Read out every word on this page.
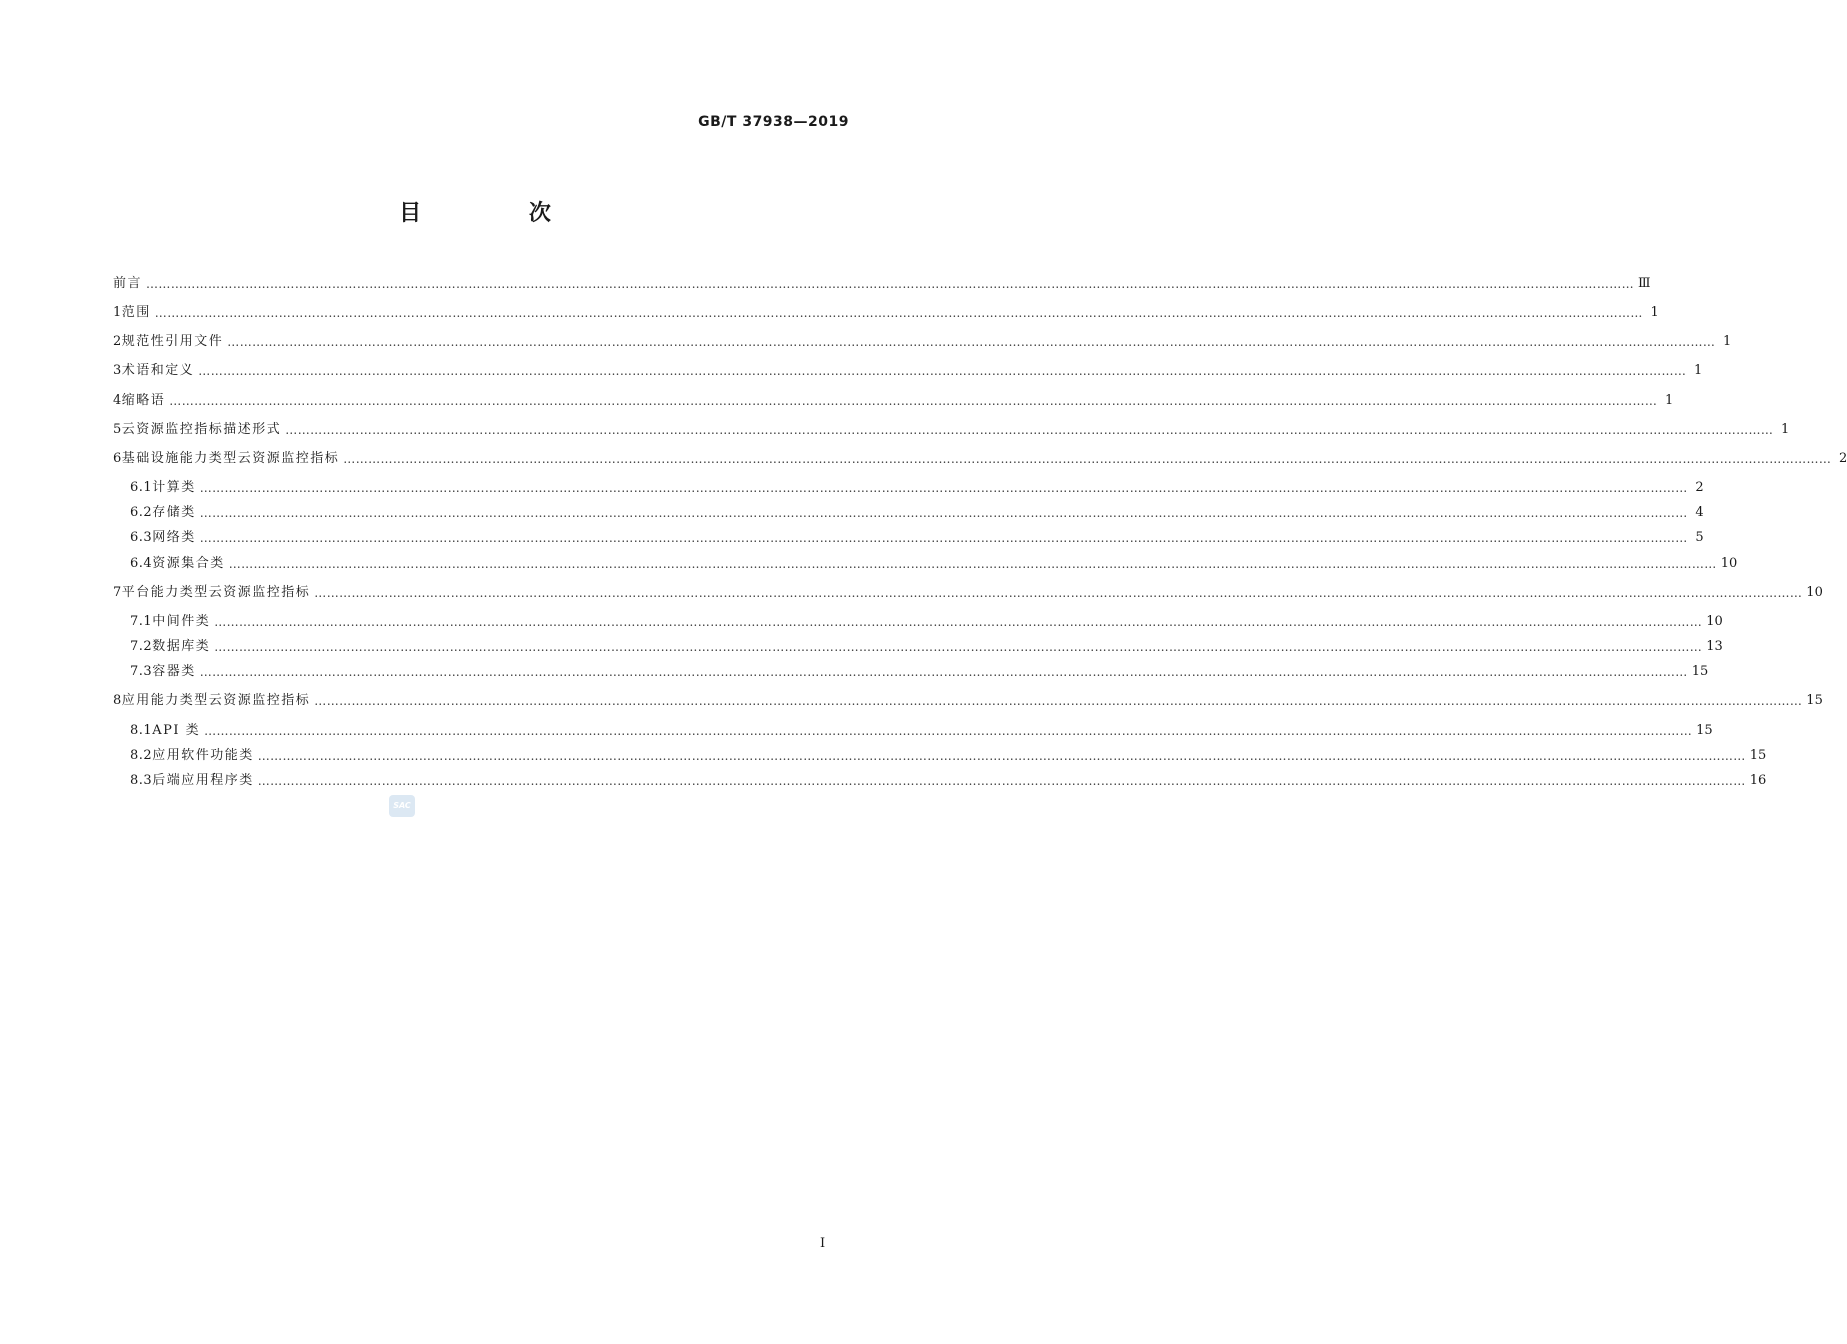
GB/T 37938—2019
目 次
前言 ……………………………………………………………………………………………………………………………………………………………………………………………………………………………………………………………………………………………………………………………… Ⅲ
1 范围 ……………………………………………………………………………………………………………………………………………………………………………………………………………………………………………………………………………………………………………………………… 1
2 规范性引用文件 ……………………………………………………………………………………………………………………………………………………………………………………………………………………………………………………………………………………………………………………………… 1
3 术语和定义 ……………………………………………………………………………………………………………………………………………………………………………………………………………………………………………………………………………………………………………………………… 1
4 缩略语 ……………………………………………………………………………………………………………………………………………………………………………………………………………………………………………………………………………………………………………………………… 1
5 云资源监控指标描述形式 ……………………………………………………………………………………………………………………………………………………………………………………………………………………………………………………………………………………………………………………………… 1
6 基础设施能力类型云资源监控指标 ……………………………………………………………………………………………………………………………………………………………………………………………………………………………………………………………………………………………………………………………… 2
6.1 计算类 ……………………………………………………………………………………………………………………………………………………………………………………………………………………………………………………………………………………………………………………………… 2
6.2 存储类 ……………………………………………………………………………………………………………………………………………………………………………………………………………………………………………………………………………………………………………………………… 4
6.3 网络类 ……………………………………………………………………………………………………………………………………………………………………………………………………………………………………………………………………………………………………………………………… 5
6.4 资源集合类 ……………………………………………………………………………………………………………………………………………………………………………………………………………………………………………………………………………………………………………………………… 10
7 平台能力类型云资源监控指标 ……………………………………………………………………………………………………………………………………………………………………………………………………………………………………………………………………………………………………………………………… 10
7.1 中间件类 ……………………………………………………………………………………………………………………………………………………………………………………………………………………………………………………………………………………………………………………………… 10
7.2 数据库类 ……………………………………………………………………………………………………………………………………………………………………………………………………………………………………………………………………………………………………………………………… 13
7.3 容器类 ……………………………………………………………………………………………………………………………………………………………………………………………………………………………………………………………………………………………………………………………… 15
8 应用能力类型云资源监控指标 ……………………………………………………………………………………………………………………………………………………………………………………………………………………………………………………………………………………………………………………………… 15
8.1 API 类 ……………………………………………………………………………………………………………………………………………………………………………………………………………………………………………………………………………………………………………………………… 15
8.2 应用软件功能类 ……………………………………………………………………………………………………………………………………………………………………………………………………………………………………………………………………………………………………………………………… 15
8.3 后端应用程序类 ……………………………………………………………………………………………………………………………………………………………………………………………………………………………………………………………………………………………………………………………… 16
SAC
I
